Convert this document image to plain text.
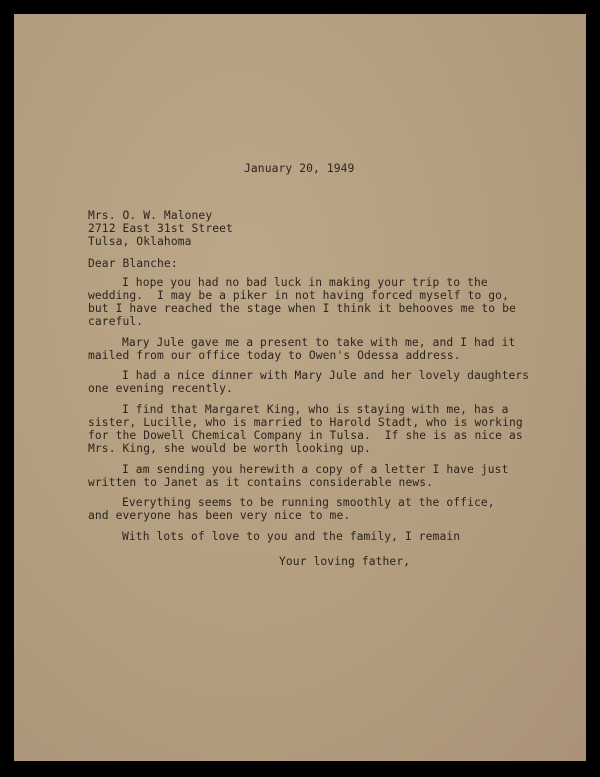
January 20, 1949
Mrs. O. W. Maloney
2712 East 31st Street
Tulsa, Oklahoma
Dear Blanche:
I hope you had no bad luck in making your trip to the
wedding.  I may be a piker in not having forced myself to go,
but I have reached the stage when I think it behooves me to be
careful.
Mary Jule gave me a present to take with me, and I had it
mailed from our office today to Owen's Odessa address.
I had a nice dinner with Mary Jule and her lovely daughters
one evening recently.
I find that Margaret King, who is staying with me, has a
sister, Lucille, who is married to Harold Stadt, who is working
for the Dowell Chemical Company in Tulsa.  If she is as nice as
Mrs. King, she would be worth looking up.
I am sending you herewith a copy of a letter I have just
written to Janet as it contains considerable news.
Everything seems to be running smoothly at the office,
and everyone has been very nice to me.
With lots of love to you and the family, I remain
Your loving father,
